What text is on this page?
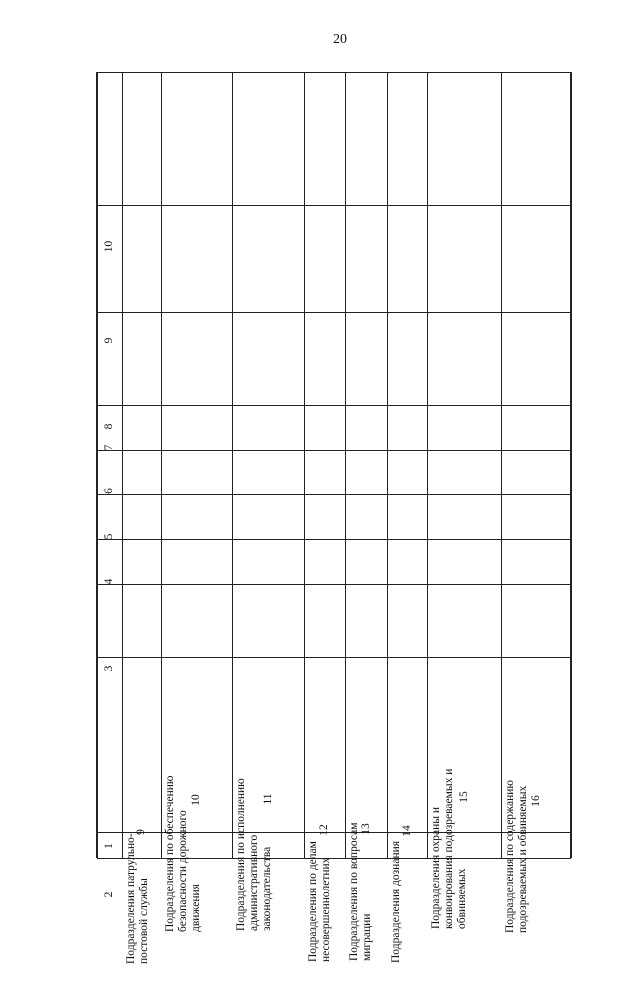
20
1
2
3
4
5
6
7
8
9
10
9
Подразделения патрульно-постовой службы
10
Подразделения по обеспечению безопасности дорожного движения
11
Подразделения по исполнению административного законодательства
12
Подразделения по делам несовершеннолетних
13
Подразделения по вопросам миграции
14
Подразделения дознания
15
Подразделения охраны и конвоирования подозреваемых и обвиняемых
16
Подразделения по содержанию подозреваемых и обвиняемых
